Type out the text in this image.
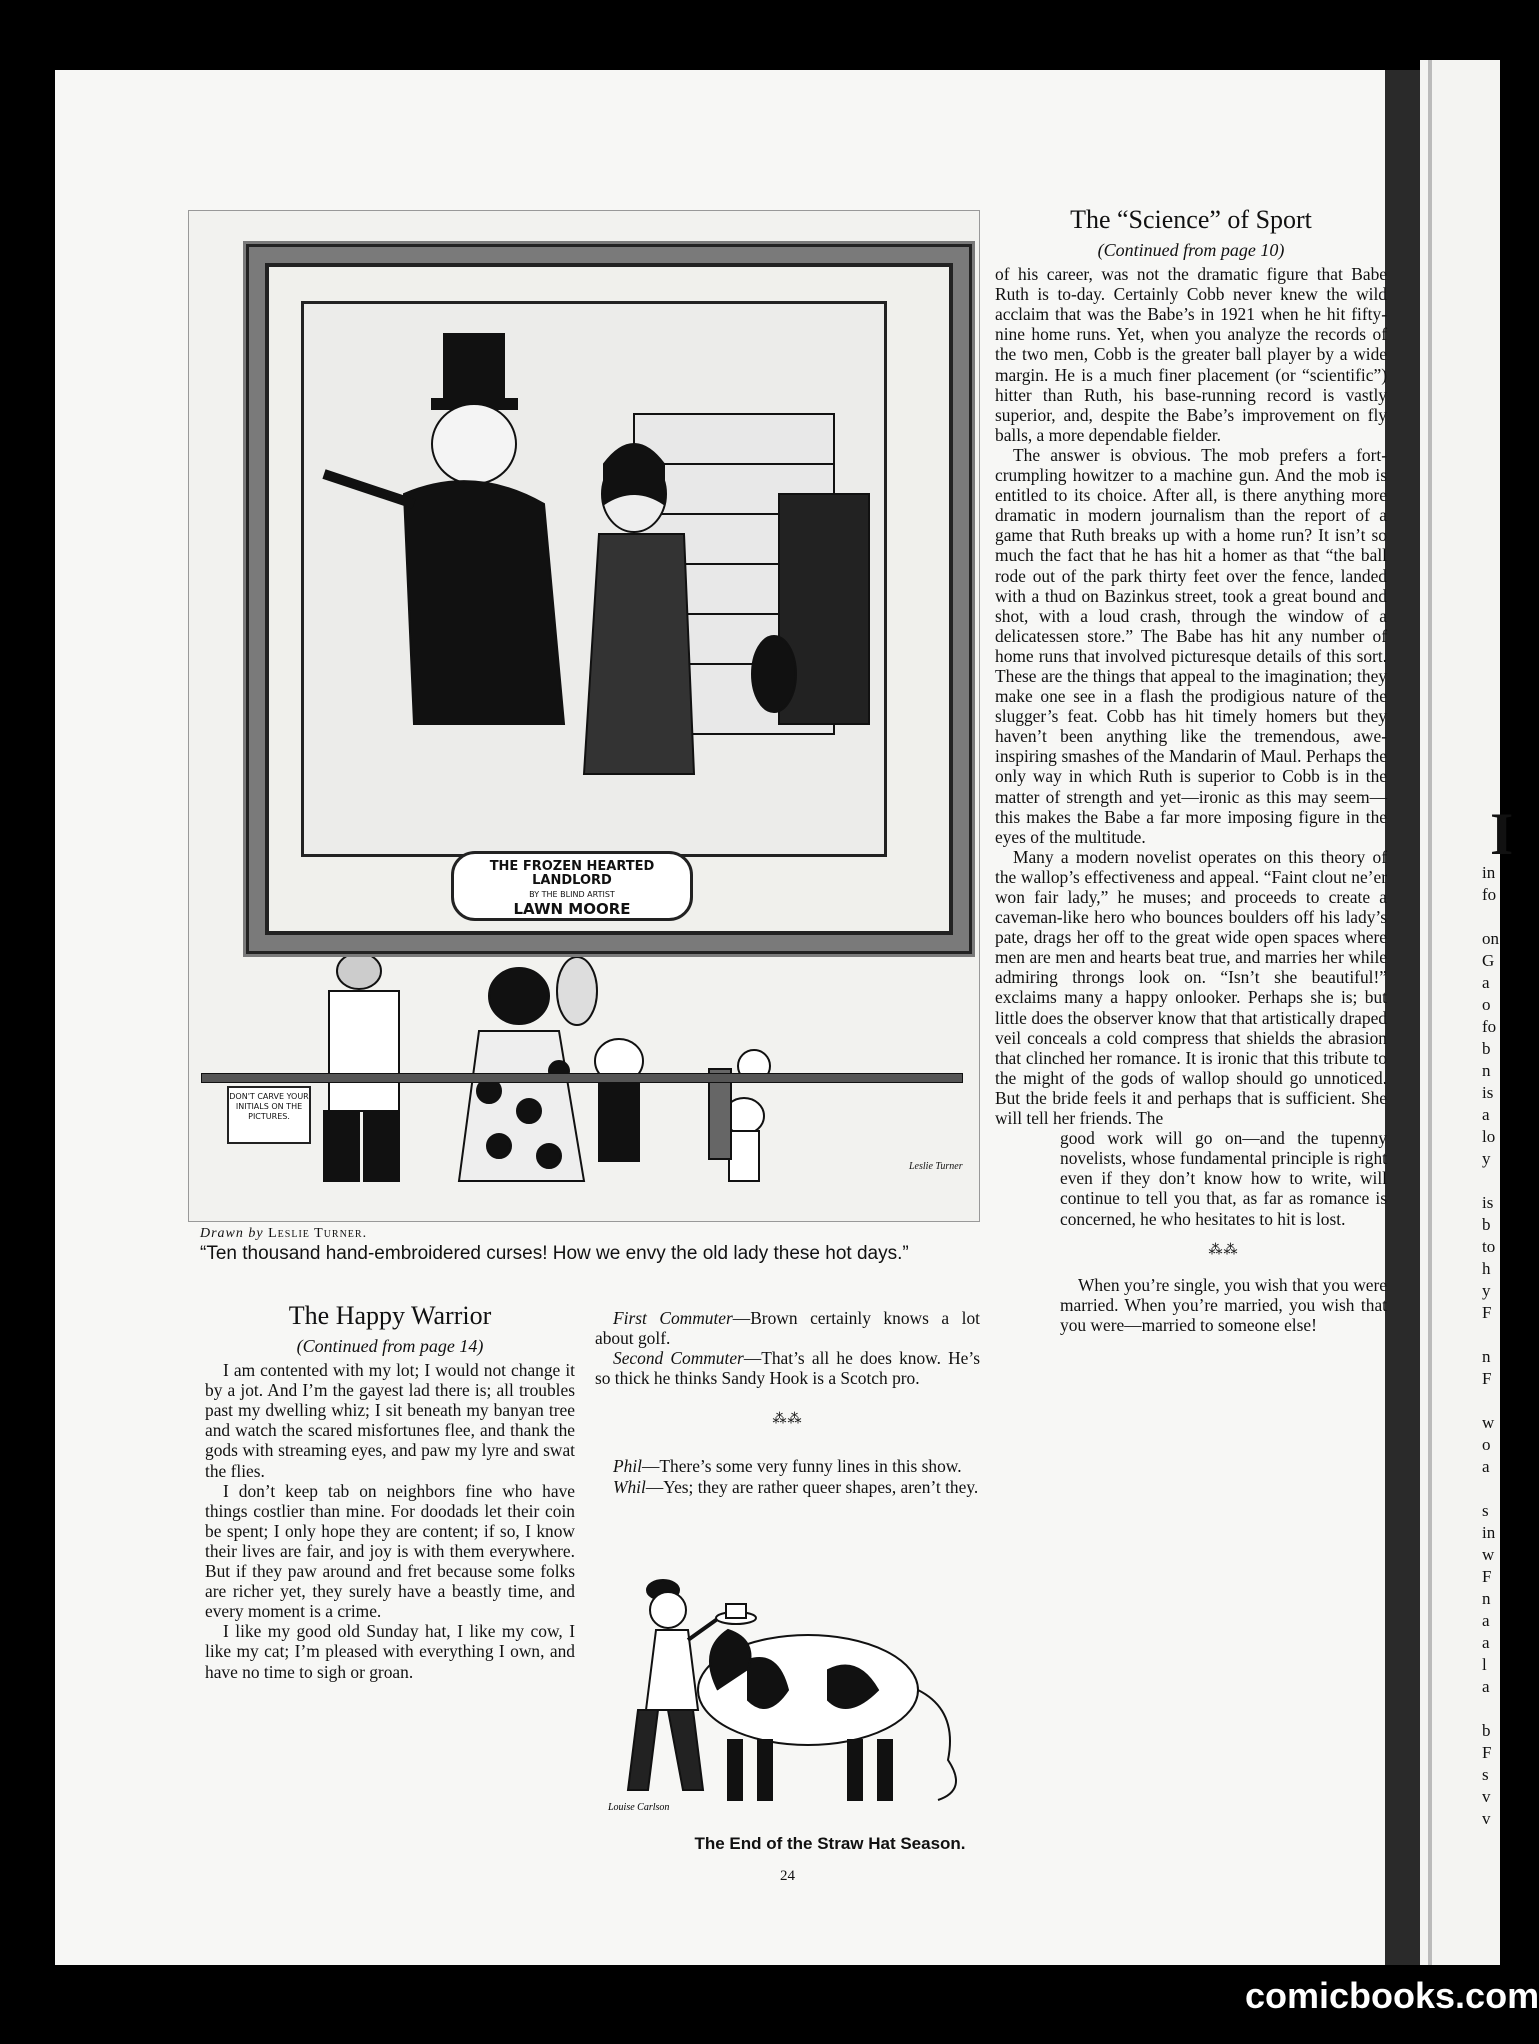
I
in
fo
on
G
a
o
fo
b
n
is
a
lo
y
is
b
to
h
y
F
n
F
w
o
a
s
in
w
F
n
a
a
l
a
b
F
s
v
v
THE FROZEN HEARTED LANDLORD
BY THE BLIND ARTIST
LAWN MOORE
DON'T CARVE YOUR INITIALS ON THE PICTURES.
Leslie Turner
Drawn by Leslie Turner.
“Ten thousand hand-embroidered curses! How we envy the old lady these hot days.”
The “Science” of Sport
(Continued from page 10)

of his career, was not the dramatic figure that Babe Ruth is to-day. Certainly Cobb never knew the wild acclaim that was the Babe’s in 1921 when he hit fifty-nine home runs. Yet, when you analyze the records of the two men, Cobb is the greater ball player by a wide margin. He is a much finer placement (or “scientific”) hitter than Ruth, his base-running record is vastly superior, and, despite the Babe’s improvement on fly balls, a more dependable fielder.

The answer is obvious. The mob prefers a fort-crumpling howitzer to a machine gun. And the mob is entitled to its choice. After all, is there anything more dramatic in modern journalism than the report of a game that Ruth breaks up with a home run? It isn’t so much the fact that he has hit a homer as that “the ball rode out of the park thirty feet over the fence, landed with a thud on Bazinkus street, took a great bound and shot, with a loud crash, through the window of a delicatessen store.” The Babe has hit any number of home runs that involved picturesque details of this sort. These are the things that appeal to the imagination; they make one see in a flash the prodigious nature of the slugger’s feat. Cobb has hit timely homers but they haven’t been anything like the tremendous, awe-inspiring smashes of the Mandarin of Maul. Perhaps the only way in which Ruth is superior to Cobb is in the matter of strength and yet—ironic as this may seem—this makes the Babe a far more imposing figure in the eyes of the multitude.

Many a modern novelist operates on this theory of the wallop’s effectiveness and appeal. “Faint clout ne’er won fair lady,” he muses; and proceeds to create a caveman-like hero who bounces boulders off his lady’s pate, drags her off to the great wide open spaces where men are men and hearts beat true, and marries her while admiring throngs look on. “Isn’t she beautiful!” exclaims many a happy onlooker. Perhaps she is; but little does the observer know that that artistically draped veil conceals a cold compress that shields the abrasion that clinched her romance. It is ironic that this tribute to the might of the gods of wallop should go unnoticed. But the bride feels it and perhaps that is sufficient. She will tell her friends. The

good work will go on—and the tupenny novelists, whose fundamental principle is right even if they don’t know how to write, will continue to tell you that, as far as romance is concerned, he who hesitates to hit is lost.

⁂⁂

When you’re single, you wish that you were married. When you’re married, you wish that you were—married to someone else!

The Happy Warrior
(Continued from page 14)

I am contented with my lot; I would not change it by a jot. And I’m the gayest lad there is; all troubles past my dwelling whiz; I sit beneath my banyan tree and watch the scared misfortunes flee, and thank the gods with streaming eyes, and paw my lyre and swat the flies.

I don’t keep tab on neighbors fine who have things costlier than mine. For doodads let their coin be spent; I only hope they are content; if so, I know their lives are fair, and joy is with them everywhere. But if they paw around and fret because some folks are richer yet, they surely have a beastly time, and every moment is a crime.

I like my good old Sunday hat, I like my cow, I like my cat; I’m pleased with everything I own, and have no time to sigh or groan.

First Commuter—Brown certainly knows a lot about golf.

Second Commuter—That’s all he does know. He’s so thick he thinks Sandy Hook is a Scotch pro.

⁂⁂

Phil—There’s some very funny lines in this show.

Whil—Yes; they are rather queer shapes, aren’t they.

Louise Carlson
The End of the Straw Hat Season.
24
comicbooks.com
